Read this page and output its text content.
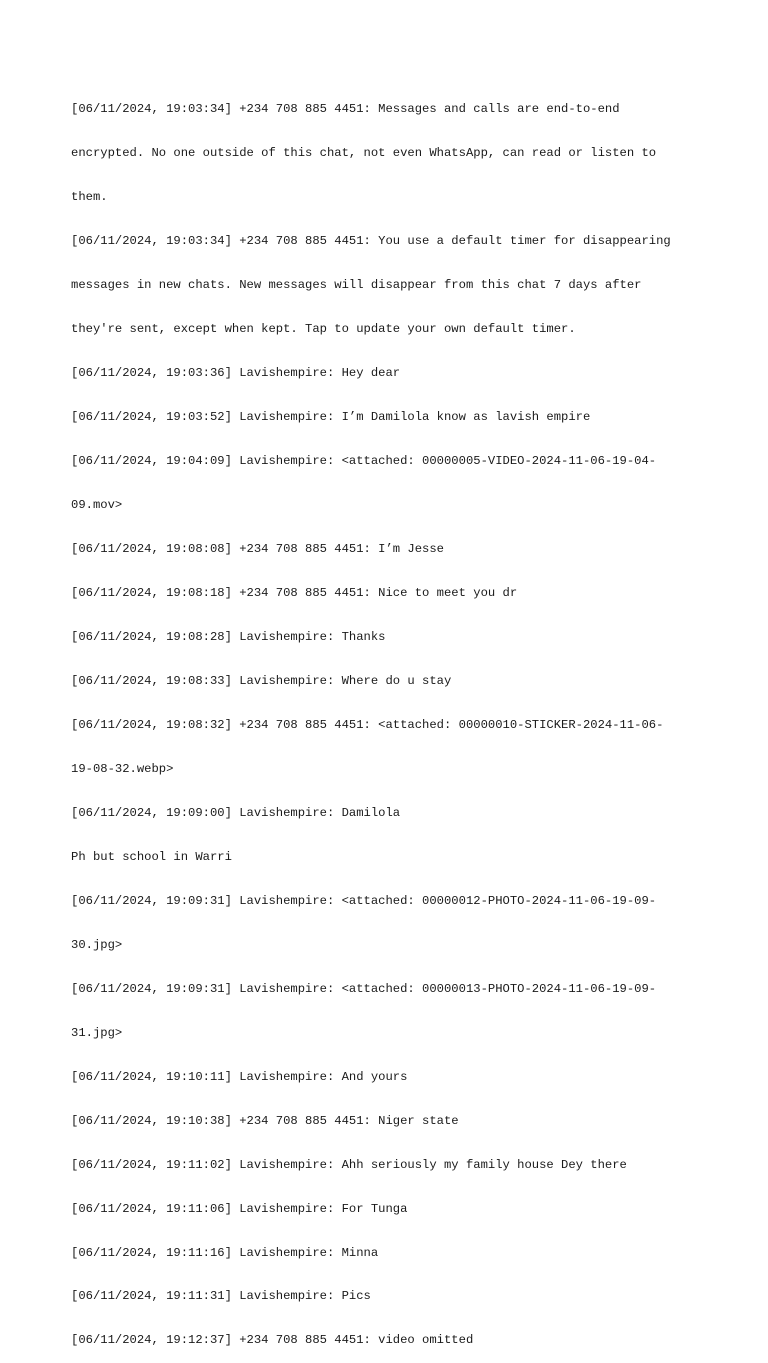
[06/11/2024, 19:03:34] +234 708 885 4451: Messages and calls are end-to-end

encrypted. No one outside of this chat, not even WhatsApp, can read or listen to

them.

[06/11/2024, 19:03:34] +234 708 885 4451: You use a default timer for disappearing

messages in new chats. New messages will disappear from this chat 7 days after

they're sent, except when kept. Tap to update your own default timer.

[06/11/2024, 19:03:36] Lavishempire: Hey dear

[06/11/2024, 19:03:52] Lavishempire: I’m Damilola know as lavish empire

[06/11/2024, 19:04:09] Lavishempire: <attached: 00000005-VIDEO-2024-11-06-19-04-

09.mov>

[06/11/2024, 19:08:08] +234 708 885 4451: I’m Jesse

[06/11/2024, 19:08:18] +234 708 885 4451: Nice to meet you dr

[06/11/2024, 19:08:28] Lavishempire: Thanks

[06/11/2024, 19:08:33] Lavishempire: Where do u stay

[06/11/2024, 19:08:32] +234 708 885 4451: <attached: 00000010-STICKER-2024-11-06-

19-08-32.webp>

[06/11/2024, 19:09:00] Lavishempire: Damilola

Ph but school in Warri

[06/11/2024, 19:09:31] Lavishempire: <attached: 00000012-PHOTO-2024-11-06-19-09-

30.jpg>

[06/11/2024, 19:09:31] Lavishempire: <attached: 00000013-PHOTO-2024-11-06-19-09-

31.jpg>

[06/11/2024, 19:10:11] Lavishempire: And yours

[06/11/2024, 19:10:38] +234 708 885 4451: Niger state

[06/11/2024, 19:11:02] Lavishempire: Ahh seriously my family house Dey there

[06/11/2024, 19:11:06] Lavishempire: For Tunga

[06/11/2024, 19:11:16] Lavishempire: Minna

[06/11/2024, 19:11:31] Lavishempire: Pics

[06/11/2024, 19:12:37] +234 708 885 4451: video omitted
